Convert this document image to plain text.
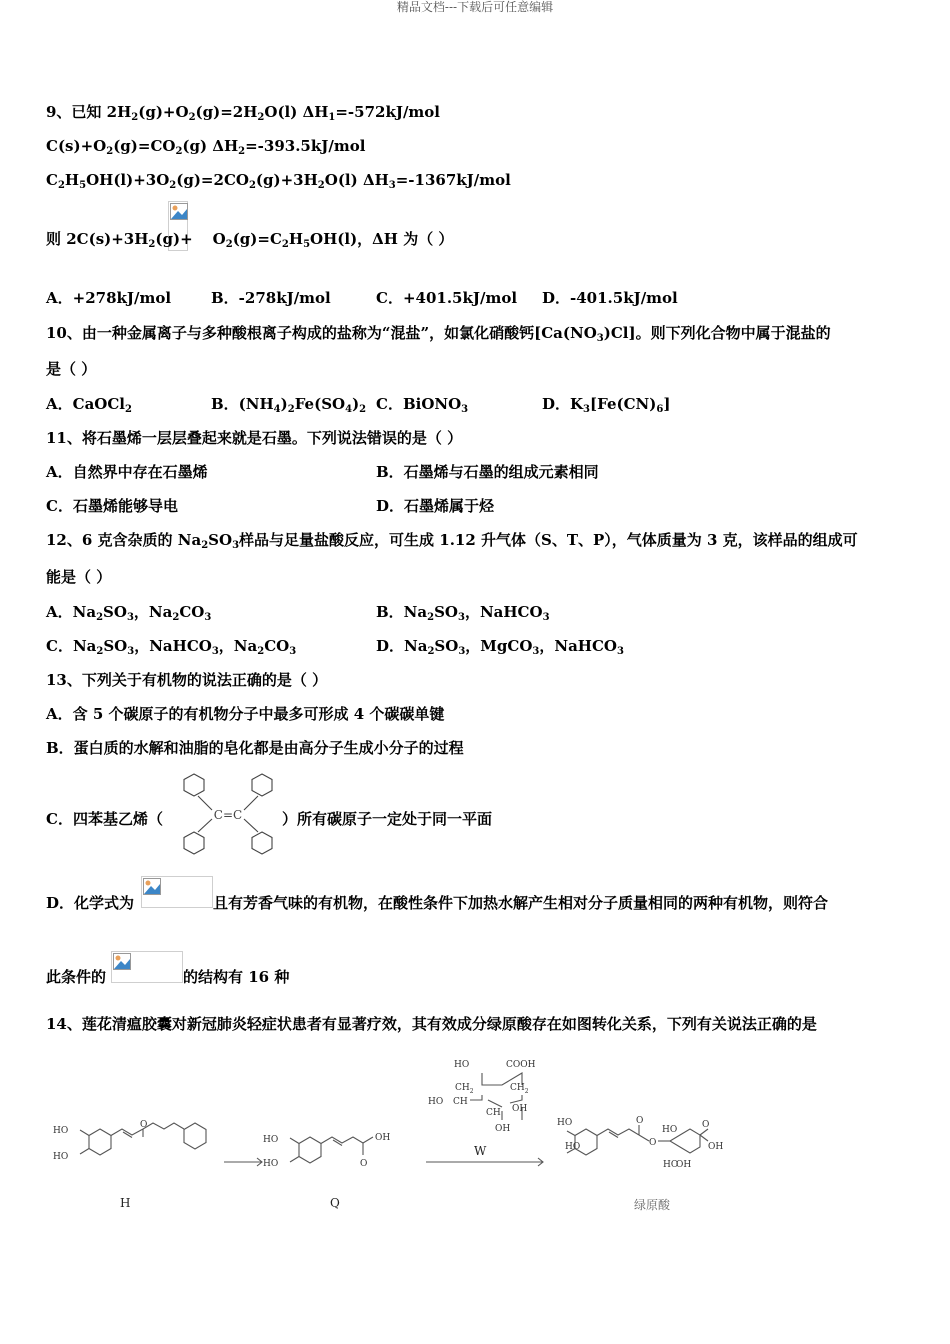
精品文档---下载后可任意编辑
9、已知 $2H_2(g)+O_2(g)=2H_2O(l)$ $\Delta H_1=-572kJ$/mol
$C(s)+O_2(g)=CO_2(g)$ $\Delta H_2=-393.5kJ$/mol
$C_2H_5OH(l)+3O_2(g)=2CO_2(g)+3H_2O(l)$ $\Delta H_3=-1367kJ$/mol
则 $2C(s)+3H_2(g)+ O_2(g)=C_2H_5OH(l)$，ΔH 为（ ）
A．+278kJ/mol	B．-278kJ/mol	C．+401.5kJ/mol D．-401.5kJ/mol
10、由一种金属离子与多种酸根离子构成的盐称为“混盐”，如氯化硝酸钙$[Ca(NO_3)Cl]$。则下列化合物中属于混盐的
是（ ）
A．CaOCl$_2$	B．$(NH_4)_2Fe(SO_4)_2$ C．BiONO$_3$	D．$K_3[Fe(CN)_6]$
11、将石墨烯一层层叠起来就是石墨。下列说法错误的是（ ）
A．自然界中存在石墨烯	B．石墨烯与石墨的组成元素相同
C．石墨烯能够导电	D．石墨烯属于烃
12、6 克含杂质的 $Na_2SO_3$样品与足量盐酸反应，可生成 1.12 升气体（S、T、P），气体质量为 3 克，该样品的组成可
能是（ ）
A．$Na_2SO_3$，$Na_2CO_3$	B．$Na_2SO_3$，NaHCO$_3$
C．$Na_2SO_3$，NaHCO$_3$，$Na_2CO_3$	D．$Na_2SO_3$，MgCO$_3$，NaHCO$_3$
13、下列关于有机物的说法正确的是（ ）
A．含 5 个碳原子的有机物分子中最多可形成 4 个碳碳单键
B．蛋白质的水解和油脂的皂化都是由高分子生成小分子的过程
C．四苯基乙烯（	C=C	）所有碳原子一定处于同一平面
D．化学式为	且有芳香气味的有机物，在酸性条件下加热水解产生相对分子质量相同的两种有机物，则符合
此条件的	的结构有 16 种
14、莲花清瘟胶囊对新冠肺炎轻症状患者有显著疗效，其有效成分绿原酸存在如图转化关系，下列有关说法正确的是
HO
HO
O
HO
HO
OH
O
HO	COOH
$CH_2$	$CH_2$
HO CH
CH OH
OH
HO
HO
O
O
HO	O
OH
OH
HO
H	Q
W
绿原酸
